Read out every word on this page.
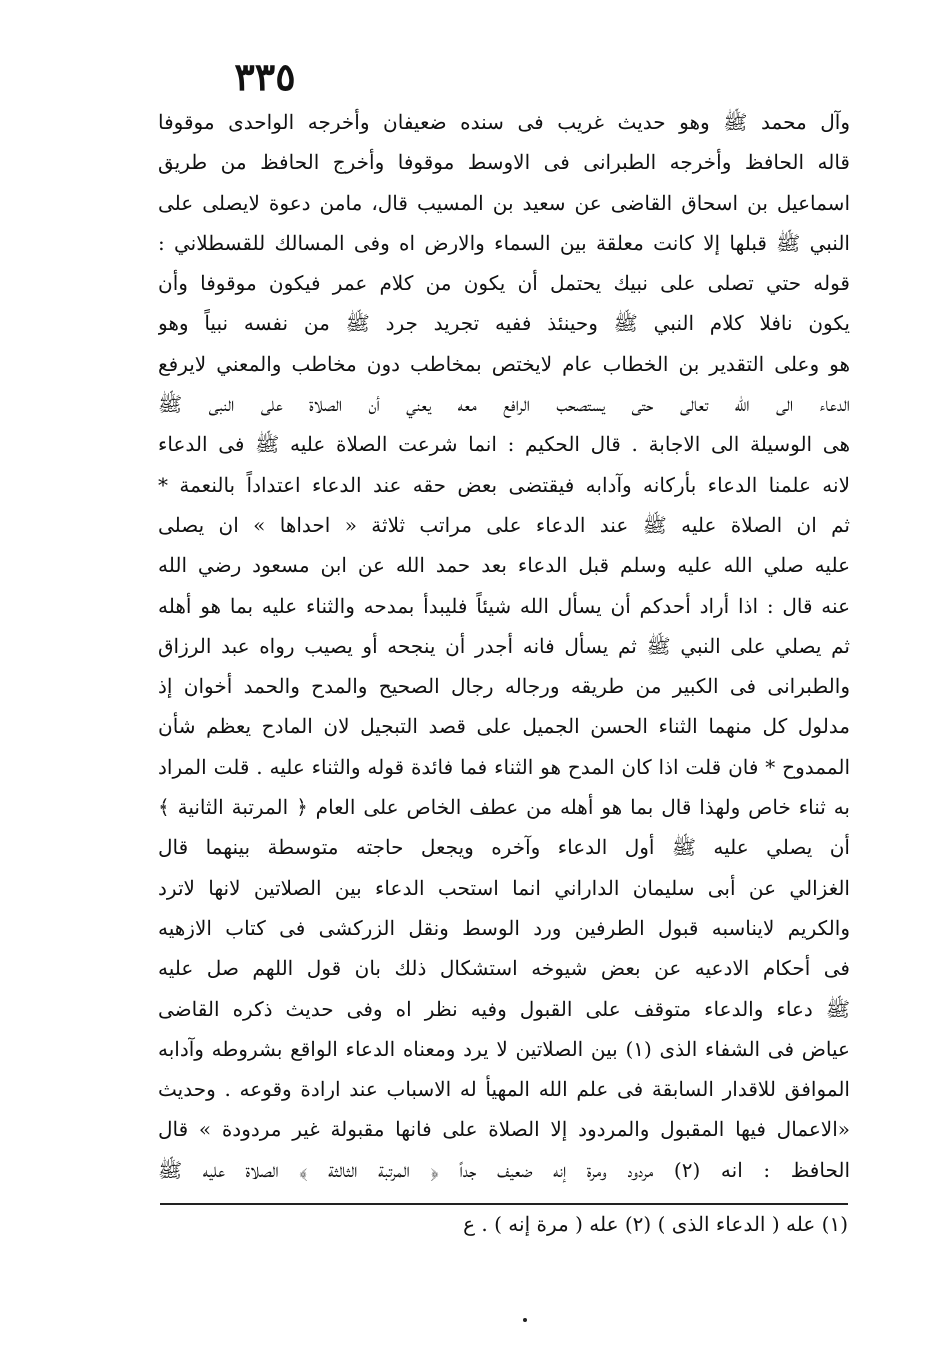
٣٣٥
وآل محمد ﷺ وهو حديث غريب فى سنده ضعيفان وأخرجه الواحدى موقوفا
قاله الحافظ وأخرجه الطبرانى فى الاوسط موقوفا وأخرج الحافظ من طريق
اسماعيل بن اسحاق القاضى عن سعيد بن المسيب قال، مامن دعوة لايصلى على
النبي ﷺ قبلها إلا كانت معلقة بين السماء والارض اه وفى المسالك للقسطلاني :
قوله حتي تصلى على نبيك يحتمل أن يكون من كلام عمر فيكون موقوفا وأن
يكون نافلا كلام النبي ﷺ وحينئذ ففيه تجريد جرد ﷺ من نفسه نبياً وهو
هو وعلى التقدير بن الخطاب عام لايختص بمخاطب دون مخاطب والمعني لايرفع
الدعاء الى الله تعالى حتى يستصحب الرافع معه يعني أن الصلاة على النبى ﷺ
هى الوسيلة الى الاجابة . قال الحكيم : انما شرعت الصلاة عليه ﷺ فى الدعاء
لانه علمنا الدعاء بأركانه وآدابه فيقتضى بعض حقه عند الدعاء اعتداداً بالنعمة *
ثم ان الصلاة عليه ﷺ عند الدعاء على مراتب ثلاثة « احداها » ان يصلى
عليه صلي الله عليه وسلم قبل الدعاء بعد حمد الله عن ابن مسعود رضي الله
عنه قال : اذا أراد أحدكم أن يسأل الله شيئاً فليبدأ بمدحه والثناء عليه بما هو أهله
ثم يصلي على النبي ﷺ ثم يسأل فانه أجدر أن ينجحه أو يصيب رواه عبد الرزاق
والطبرانى فى الكبير من طريقه ورجاله رجال الصحيح والمدح والحمد أخوان إذ
مدلول كل منهما الثناء الحسن الجميل على قصد التبجيل لان المادح يعظم شأن
الممدوح * فان قلت اذا كان المدح هو الثناء فما فائدة قوله والثناء عليه . قلت المراد
به ثناء خاص ولهذا قال بما هو أهله من عطف الخاص على العام ﴿ المرتبة الثانية ﴾
أن يصلي عليه ﷺ أول الدعاء وآخره ويجعل حاجته متوسطة بينهما قال
الغزالي عن أبى سليمان الداراني انما استحب الدعاء بين الصلاتين لانها لاترد
والكريم لايناسبه قبول الطرفين ورد الوسط ونقل الزركشى فى كتاب الازهيه
فى أحكام الادعيه عن بعض شيوخه استشكال ذلك بان قول اللهم صل عليه
ﷺ دعاء والدعاء متوقف على القبول وفيه نظر اه وفى حديث ذكره القاضى
عياض فى الشفاء الذى (١) بين الصلاتين لا يرد ومعناه الدعاء الواقع بشروطه وآدابه
الموافق للاقدار السابقة فى علم الله المهيأ له الاسباب عند ارادة وقوعه . وحديث
«الاعمال فيها المقبول والمردود إلا الصلاة على فانها مقبولة غير مردودة » قال
الحافظ : انه (٢) مردود ومرة إنه ضعيف جداً ﴿ المرتبة الثالثة ﴾ الصلاة عليه ﷺ
(١) عله ( الدعاء الذى ) (٢) عله ( مرة إنه ) . ع
